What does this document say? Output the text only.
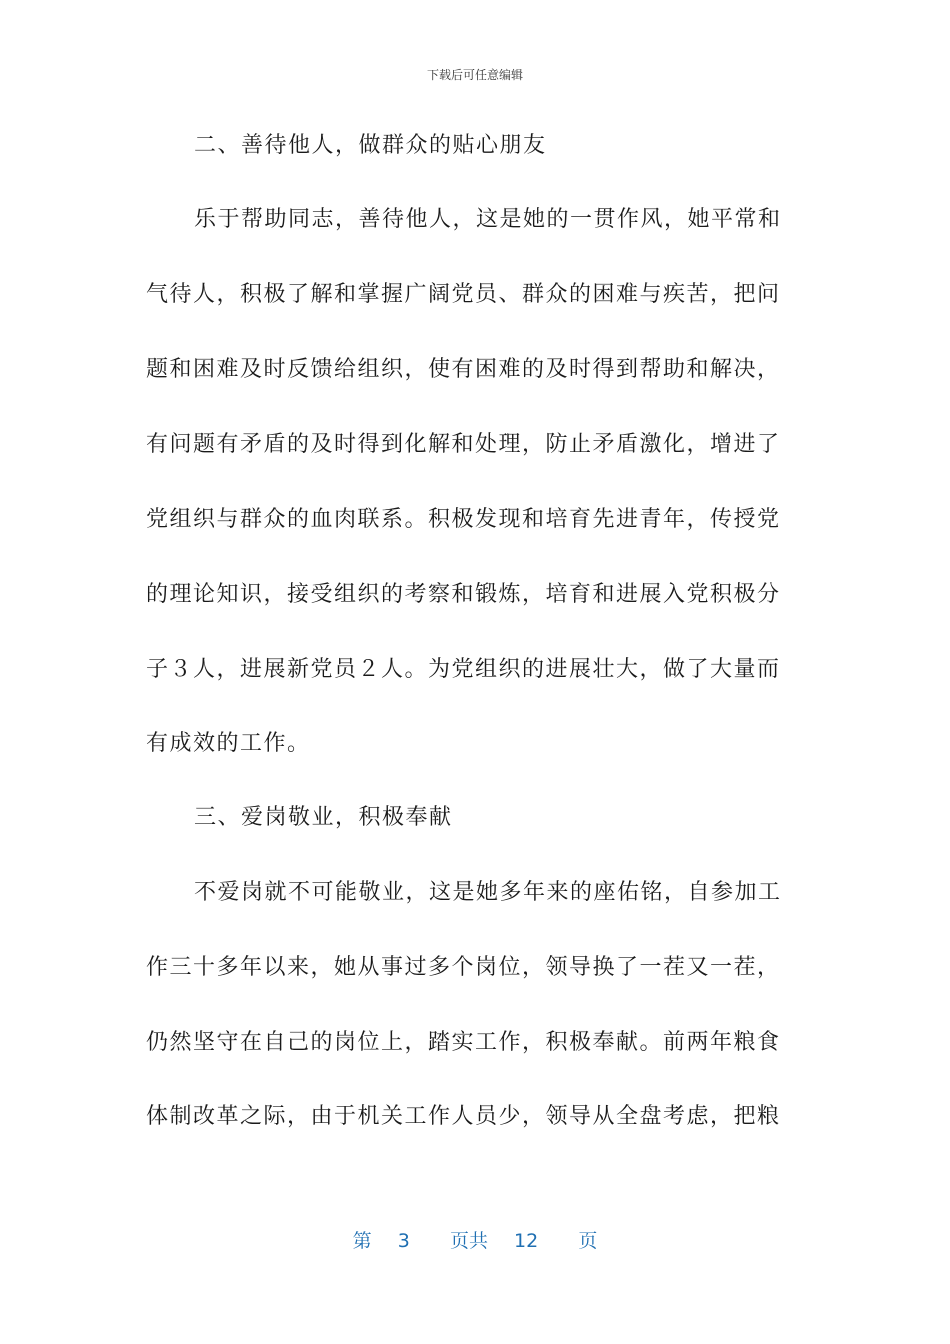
下载后可任意编辑
二、善待他人，做群众的贴心朋友
乐于帮助同志，善待他人，这是她的一贯作风，她平常和
气待人，积极了解和掌握广阔党员、群众的困难与疾苦，把问
题和困难及时反馈给组织，使有困难的及时得到帮助和解决，
有问题有矛盾的及时得到化解和处理，防止矛盾激化，增进了
党组织与群众的血肉联系。积极发现和培育先进青年，传授党
的理论知识，接受组织的考察和锻炼，培育和进展入党积极分
子３人，进展新党员２人。为党组织的进展壮大，做了大量而
有成效的工作。
三、爱岗敬业，积极奉献
不爱岗就不可能敬业，这是她多年来的座佑铭，自参加工
作三十多年以来，她从事过多个岗位，领导换了一茬又一茬，
仍然坚守在自己的岗位上，踏实工作，积极奉献。前两年粮食
体制改革之际，由于机关工作人员少，领导从全盘考虑，把粮
第 3 页共 12 页
